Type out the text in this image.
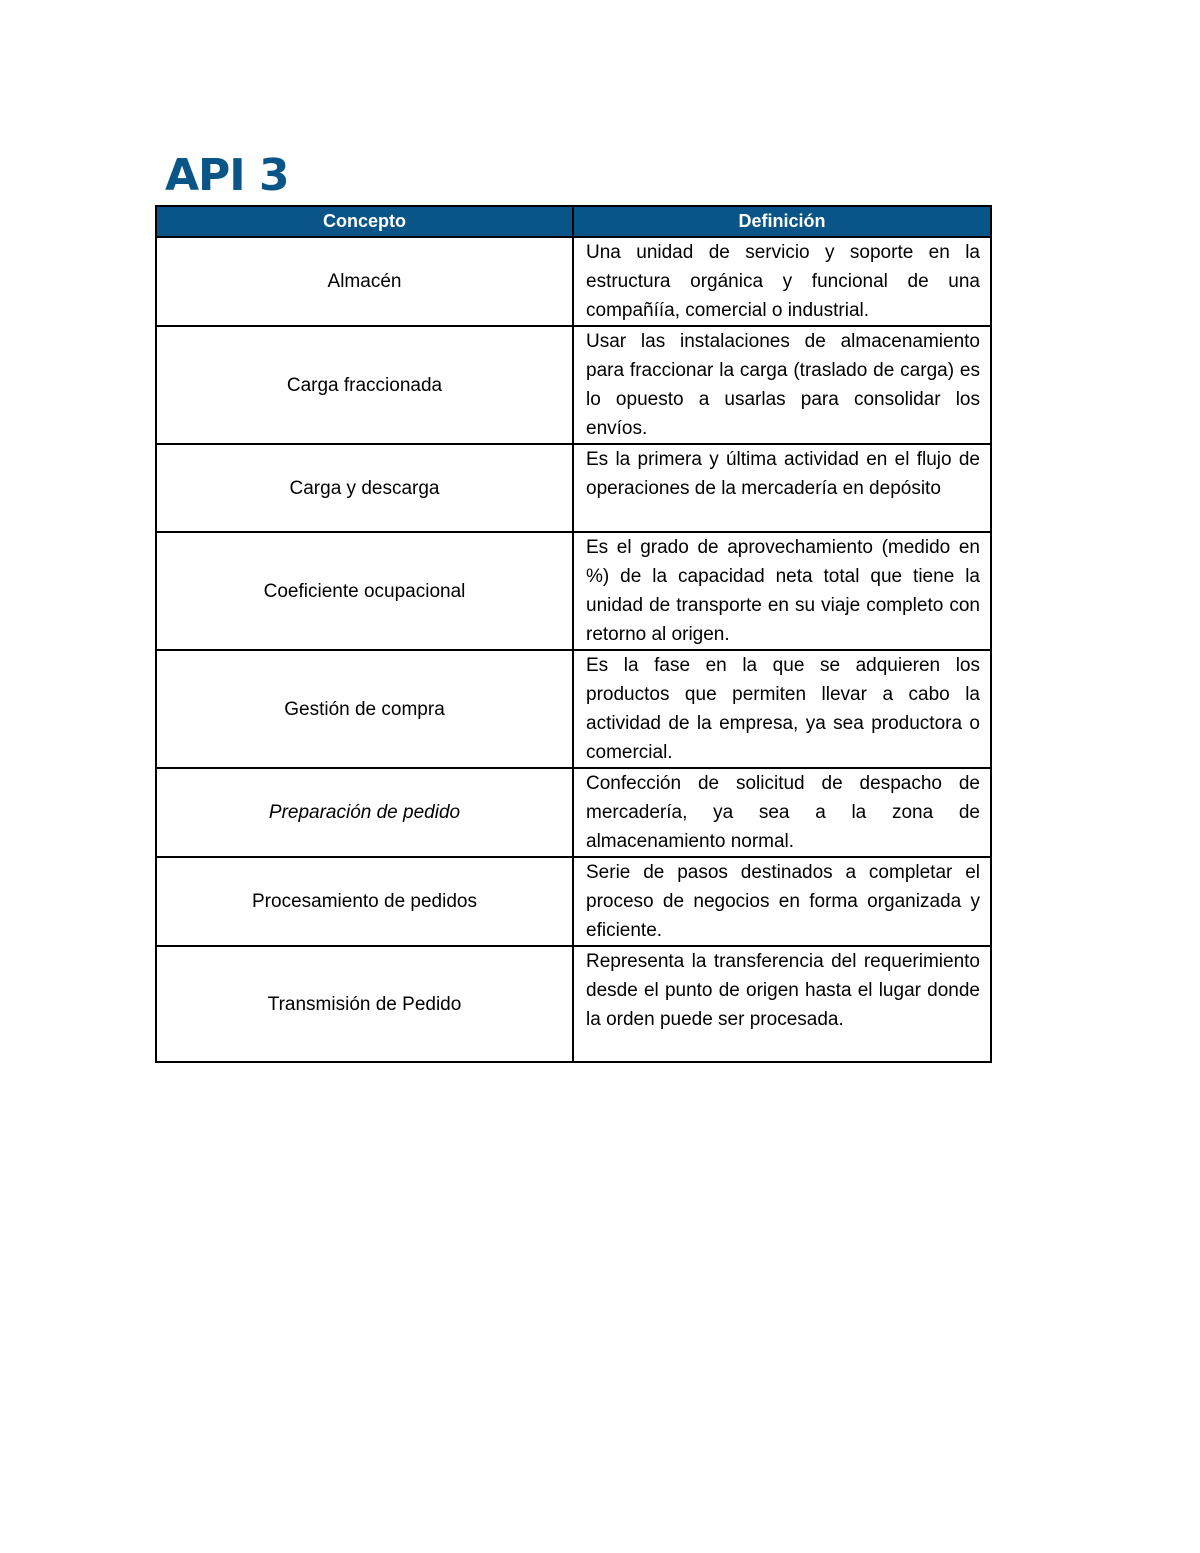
API 3
Concepto	Definición
Almacén	Una unidad de servicio y soporte en la estructura orgánica y funcional de una compañíía, comercial o industrial.
Carga fraccionada	Usar las instalaciones de almacenamiento para fraccionar la carga (traslado de carga) es lo opuesto a usarlas para consolidar los envíos.
Carga y descarga	Es la primera y última actividad en el flujo de operaciones de la mercadería en depósito
Coeficiente ocupacional	Es el grado de aprovechamiento (medido en %) de la capacidad neta total que tiene la unidad de transporte en su viaje completo con retorno al origen.
Gestión de compra	Es la fase en la que se adquieren los productos que permiten llevar a cabo la actividad de la empresa, ya sea productora o comercial.
Preparación de pedido	Confección de solicitud de despacho de mercadería, ya sea a la zona de almacenamiento normal.
Procesamiento de pedidos	Serie de pasos destinados a completar el proceso de negocios en forma organizada y eficiente.
Transmisión de Pedido	Representa la transferencia del requerimiento desde el punto de origen hasta el lugar donde la orden puede ser procesada.
